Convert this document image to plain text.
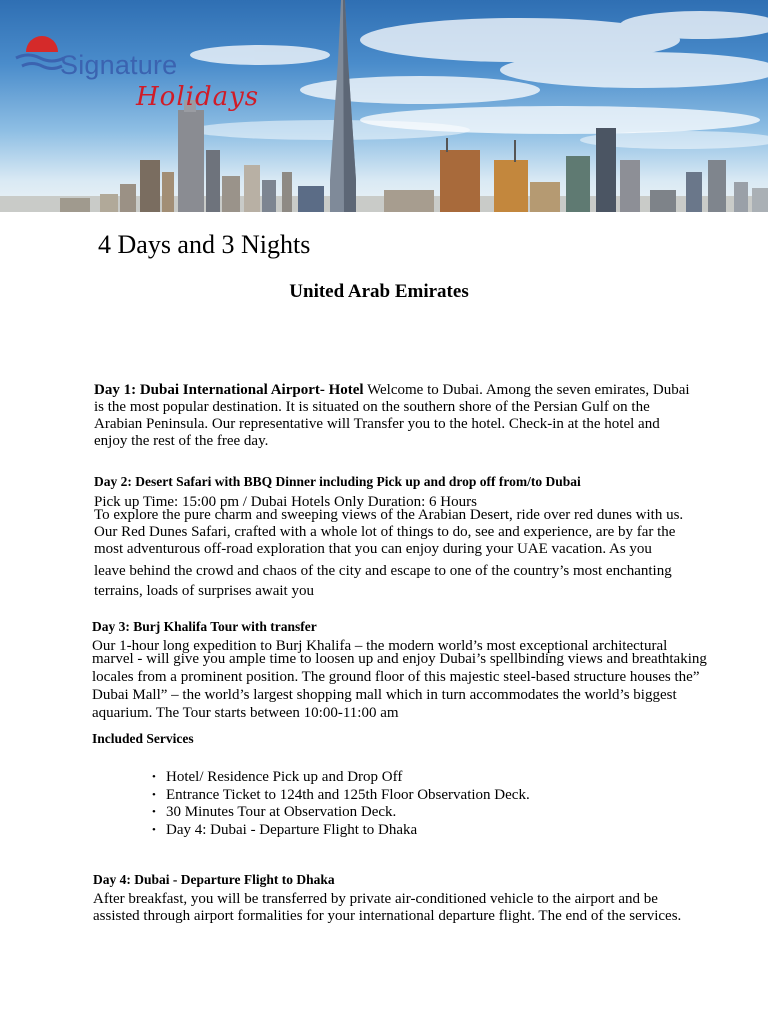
Signature
Holidays
4 Days and 3 Nights
United Arab Emirates
Day 1: Dubai International Airport- Hotel Welcome to Dubai. Among the seven emirates, Dubai
is the most popular destination. It is situated on the southern shore of the Persian Gulf on the
Arabian Peninsula. Our representative will Transfer you to the hotel. Check-in at the hotel and
enjoy the rest of the free day.
Day 2: Desert Safari with BBQ Dinner including Pick up and drop off from/to Dubai
Pick up Time: 15:00 pm / Dubai Hotels Only Duration: 6 Hours
To explore the pure charm and sweeping views of the Arabian Desert, ride over red dunes with us.
Our Red Dunes Safari, crafted with a whole lot of things to do, see and experience, are by far the
most adventurous off-road exploration that you can enjoy during your UAE vacation. As you
leave behind the crowd and chaos of the city and escape to one of the country’s most enchanting
terrains, loads of surprises await you
Day 3: Burj Khalifa Tour with transfer
Our 1-hour long expedition to Burj Khalifa – the modern world’s most exceptional architectural
marvel - will give you ample time to loosen up and enjoy Dubai’s spellbinding views and breathtaking
locales from a prominent position. The ground floor of this majestic steel-based structure houses the”
Dubai Mall” – the world’s largest shopping mall which in turn accommodates the world’s biggest
aquarium. The Tour starts between 10:00-11:00 am
Included Services
• Hotel/ Residence Pick up and Drop Off
• Entrance Ticket to 124th and 125th Floor Observation Deck.
• 30 Minutes Tour at Observation Deck.
• Day 4: Dubai - Departure Flight to Dhaka
Day 4: Dubai - Departure Flight to Dhaka
After breakfast, you will be transferred by private air-conditioned vehicle to the airport and be
assisted through airport formalities for your international departure flight. The end of the services.
